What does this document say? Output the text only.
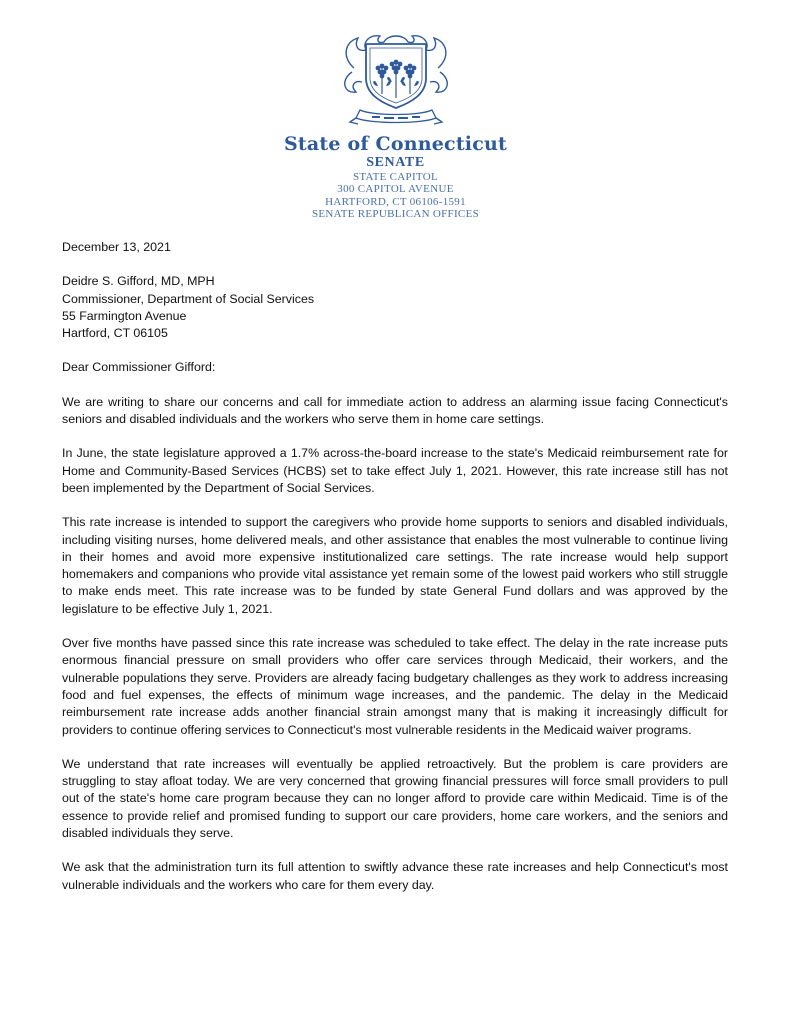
State of Connecticut
SENATE
STATE CAPITOL
300 CAPITOL AVENUE
HARTFORD, CT 06106-1591
SENATE REPUBLICAN OFFICES

December 13, 2021

Deidre S. Gifford, MD, MPH
Commissioner, Department of Social Services
55 Farmington Avenue
Hartford, CT 06105

Dear Commissioner Gifford:

We are writing to share our concerns and call for immediate action to address an alarming issue facing Connecticut's seniors and disabled individuals and the workers who serve them in home care settings.

In June, the state legislature approved a 1.7% across-the-board increase to the state's Medicaid reimbursement rate for Home and Community-Based Services (HCBS) set to take effect July 1, 2021. However, this rate increase still has not been implemented by the Department of Social Services.

This rate increase is intended to support the caregivers who provide home supports to seniors and disabled individuals, including visiting nurses, home delivered meals, and other assistance that enables the most vulnerable to continue living in their homes and avoid more expensive institutionalized care settings. The rate increase would help support homemakers and companions who provide vital assistance yet remain some of the lowest paid workers who still struggle to make ends meet. This rate increase was to be funded by state General Fund dollars and was approved by the legislature to be effective July 1, 2021.

Over five months have passed since this rate increase was scheduled to take effect. The delay in the rate increase puts enormous financial pressure on small providers who offer care services through Medicaid, their workers, and the vulnerable populations they serve. Providers are already facing budgetary challenges as they work to address increasing food and fuel expenses, the effects of minimum wage increases, and the pandemic. The delay in the Medicaid reimbursement rate increase adds another financial strain amongst many that is making it increasingly difficult for providers to continue offering services to Connecticut's most vulnerable residents in the Medicaid waiver programs.

We understand that rate increases will eventually be applied retroactively. But the problem is care providers are struggling to stay afloat today. We are very concerned that growing financial pressures will force small providers to pull out of the state's home care program because they can no longer afford to provide care within Medicaid. Time is of the essence to provide relief and promised funding to support our care providers, home care workers, and the seniors and disabled individuals they serve.

We ask that the administration turn its full attention to swiftly advance these rate increases and help Connecticut's most vulnerable individuals and the workers who care for them every day.
